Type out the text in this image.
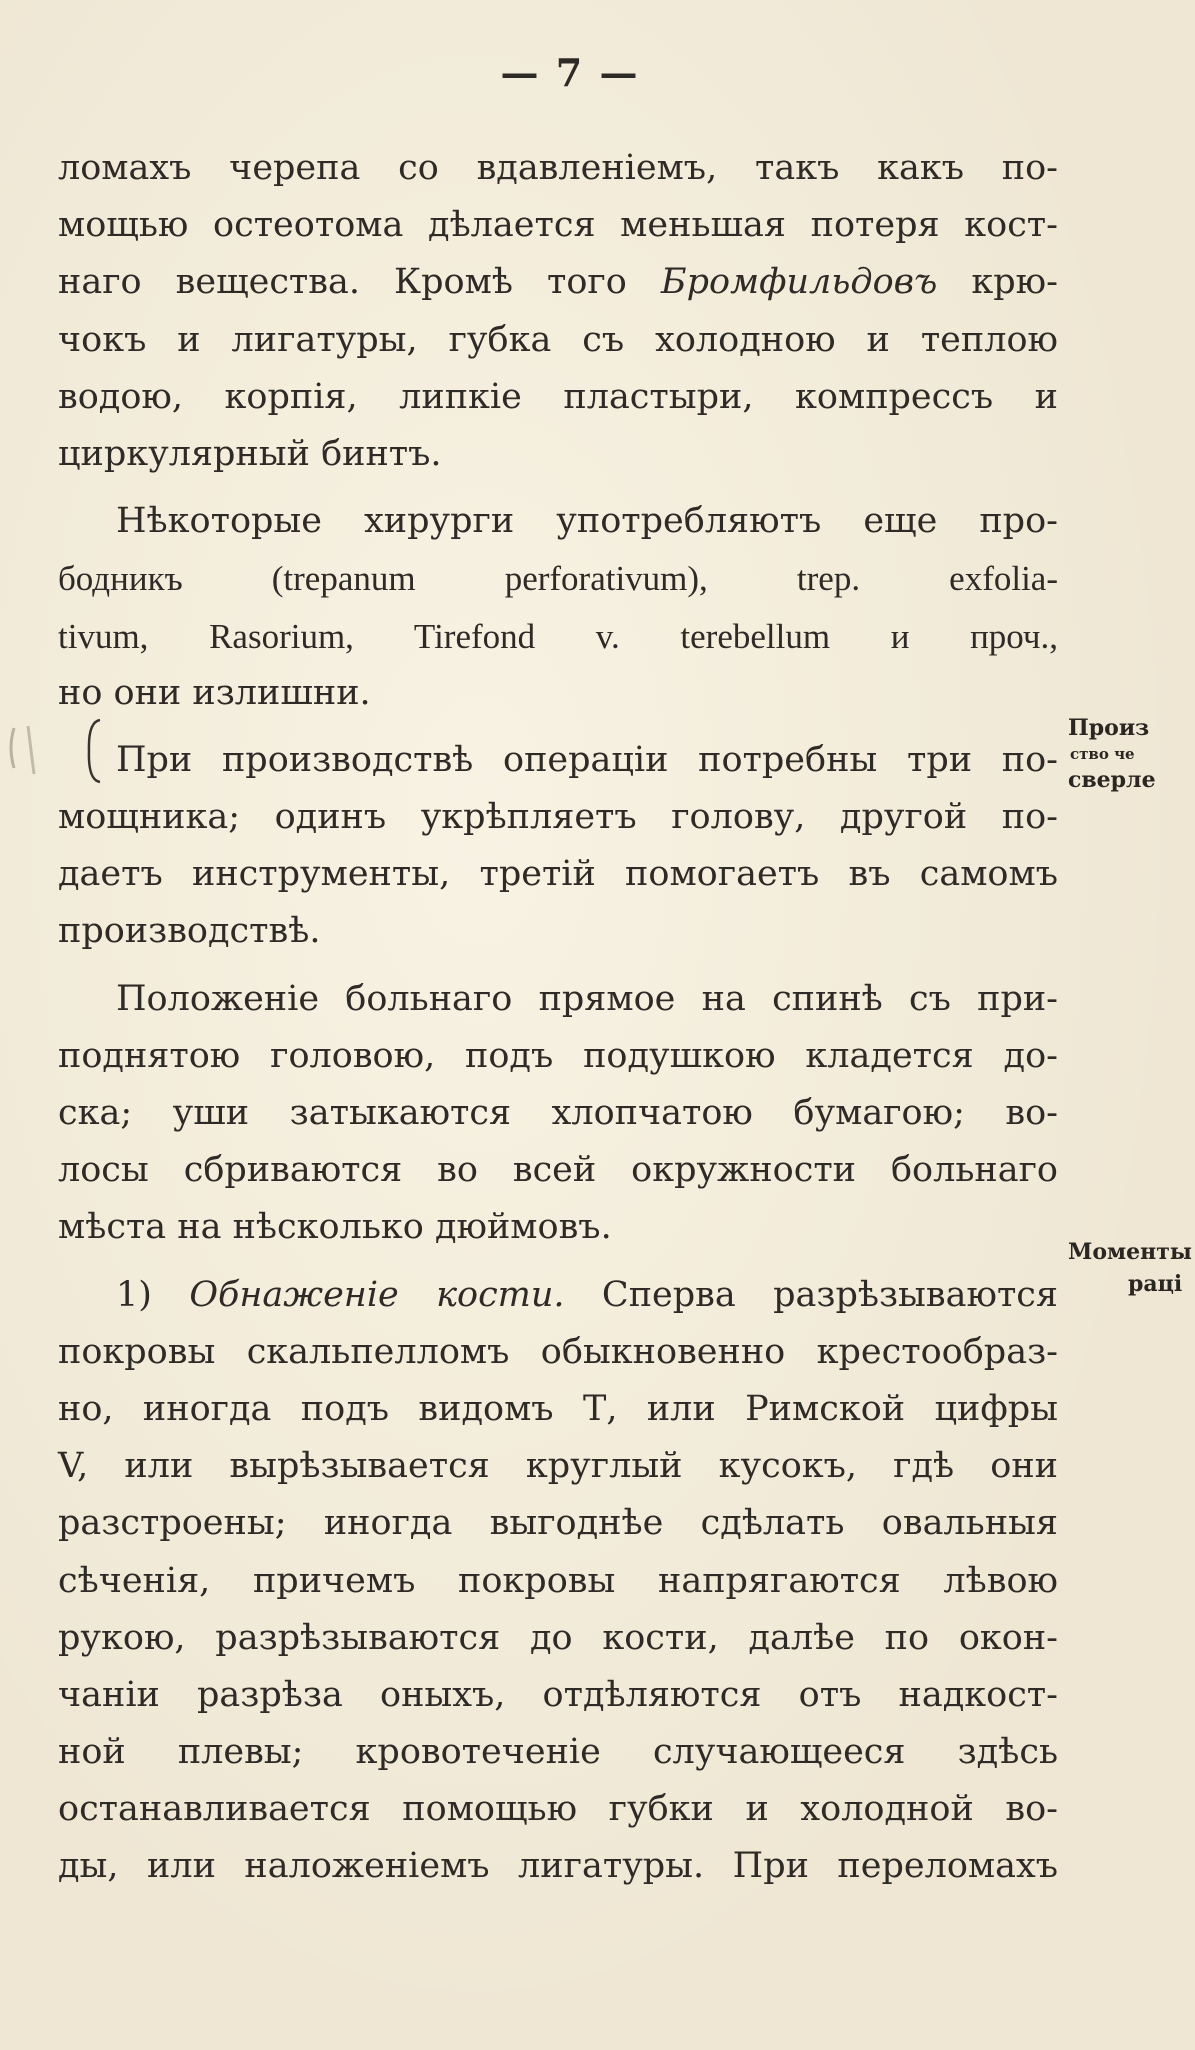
— 7 —
ломахъ черепа со вдавленіемъ, такъ какъ по-
мощью остеотома дѣлается меньшая потеря кост-
наго вещества. Кромѣ того Бромфильдовъ крю-
чокъ и лигатуры, губка съ холодною и теплою
водою, корпія, липкіе пластыри, компрессъ и
циркулярный бинтъ.
Нѣкоторые хирурги употребляютъ еще про-
бодникъ (trepanum perforativum), trep. exfolia-
tivum, Rasorium, Tirefond v. terebellum и проч.,
но они излишни.
При производствѣ операціи потребны три по-
мощника; одинъ укрѣпляетъ голову, другой по-
даетъ инструменты, третій помогаетъ въ самомъ
производствѣ.
Положеніе больнаго прямое на спинѣ съ при-
поднятою головою, подъ подушкою кладется до-
ска; уши затыкаются хлопчатою бумагою; во-
лосы сбриваются во всей окружности больнаго
мѣста на нѣсколько дюймовъ.
1) Обнаженіе кости. Сперва разрѣзываются
покровы скальпелломъ обыкновенно крестообраз-
но, иногда подъ видомъ Т, или Римской цифры
V, или вырѣзывается круглый кусокъ, гдѣ они
разстроены; иногда выгоднѣе сдѣлать овальныя
сѣченія, причемъ покровы напрягаются лѣвою
рукою, разрѣзываются до кости, далѣе по окон-
чаніи разрѣза оныхъ, отдѣляются отъ надкост-
ной плевы; кровотеченіе случающееся здѣсь
останавливается помощью губки и холодной во-
ды, или наложеніемъ лигатуры. При переломахъ
Произ
ство че
сверле
Моменты
раці
